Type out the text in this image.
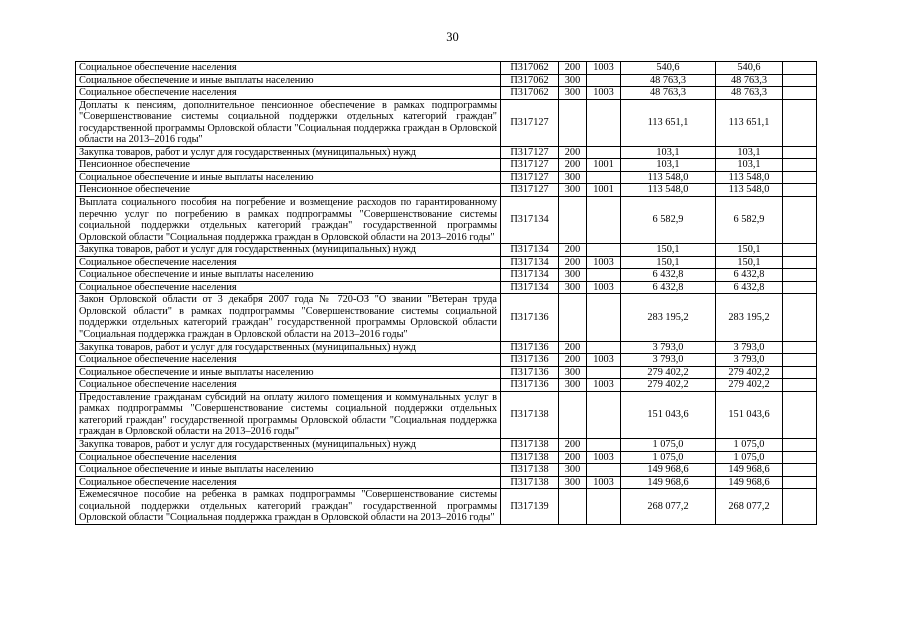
30
Социальное обеспечение населения	П317062	200	1003	540,6	540,6	
Социальное обеспечение и иные выплаты населению	П317062	300		48 763,3	48 763,3	
Социальное обеспечение населения	П317062	300	1003	48 763,3	48 763,3	
Доплаты к пенсиям, дополнительное пенсионное обеспечение в рамках подпрограммы "Совершенствование системы социальной поддержки отдельных категорий граждан" государственной программы Орловской области "Социальная поддержка граждан в Орловской области на 2013–2016 годы"	П317127			113 651,1	113 651,1	
Закупка товаров, работ и услуг для государственных (муниципальных) нужд	П317127	200		103,1	103,1	
Пенсионное обеспечение	П317127	200	1001	103,1	103,1	
Социальное обеспечение и иные выплаты населению	П317127	300		113 548,0	113 548,0	
Пенсионное обеспечение	П317127	300	1001	113 548,0	113 548,0	
Выплата социального пособия на погребение и возмещение расходов по гарантированному перечню услуг по погребению в рамках подпрограммы "Совершенствование системы социальной поддержки отдельных категорий граждан" государственной программы Орловской области "Социальная поддержка граждан в Орловской области на 2013–2016 годы"	П317134			6 582,9	6 582,9	
Закупка товаров, работ и услуг для государственных (муниципальных) нужд	П317134	200		150,1	150,1	
Социальное обеспечение населения	П317134	200	1003	150,1	150,1	
Социальное обеспечение и иные выплаты населению	П317134	300		6 432,8	6 432,8	
Социальное обеспечение населения	П317134	300	1003	6 432,8	6 432,8	
Закон Орловской области от 3 декабря 2007 года № 720-ОЗ "О звании "Ветеран труда Орловской области" в рамках подпрограммы "Совершенствование системы социальной поддержки отдельных категорий граждан" государственной программы Орловской области "Социальная поддержка граждан в Орловской области на 2013–2016 годы"	П317136			283 195,2	283 195,2	
Закупка товаров, работ и услуг для государственных (муниципальных) нужд	П317136	200		3 793,0	3 793,0	
Социальное обеспечение населения	П317136	200	1003	3 793,0	3 793,0	
Социальное обеспечение и иные выплаты населению	П317136	300		279 402,2	279 402,2	
Социальное обеспечение населения	П317136	300	1003	279 402,2	279 402,2	
Предоставление гражданам субсидий на оплату жилого помещения и коммунальных услуг в рамках подпрограммы "Совершенствование системы социальной поддержки отдельных категорий граждан" государственной программы Орловской области "Социальная поддержка граждан в Орловской области на 2013–2016 годы"	П317138			151 043,6	151 043,6	
Закупка товаров, работ и услуг для государственных (муниципальных) нужд	П317138	200		1 075,0	1 075,0	
Социальное обеспечение населения	П317138	200	1003	1 075,0	1 075,0	
Социальное обеспечение и иные выплаты населению	П317138	300		149 968,6	149 968,6	
Социальное обеспечение населения	П317138	300	1003	149 968,6	149 968,6	
Ежемесячное пособие на ребенка в рамках подпрограммы "Совершенствование системы социальной поддержки отдельных категорий граждан" государственной программы Орловской области "Социальная поддержка граждан в Орловской области на 2013–2016 годы"	П317139			268 077,2	268 077,2	
